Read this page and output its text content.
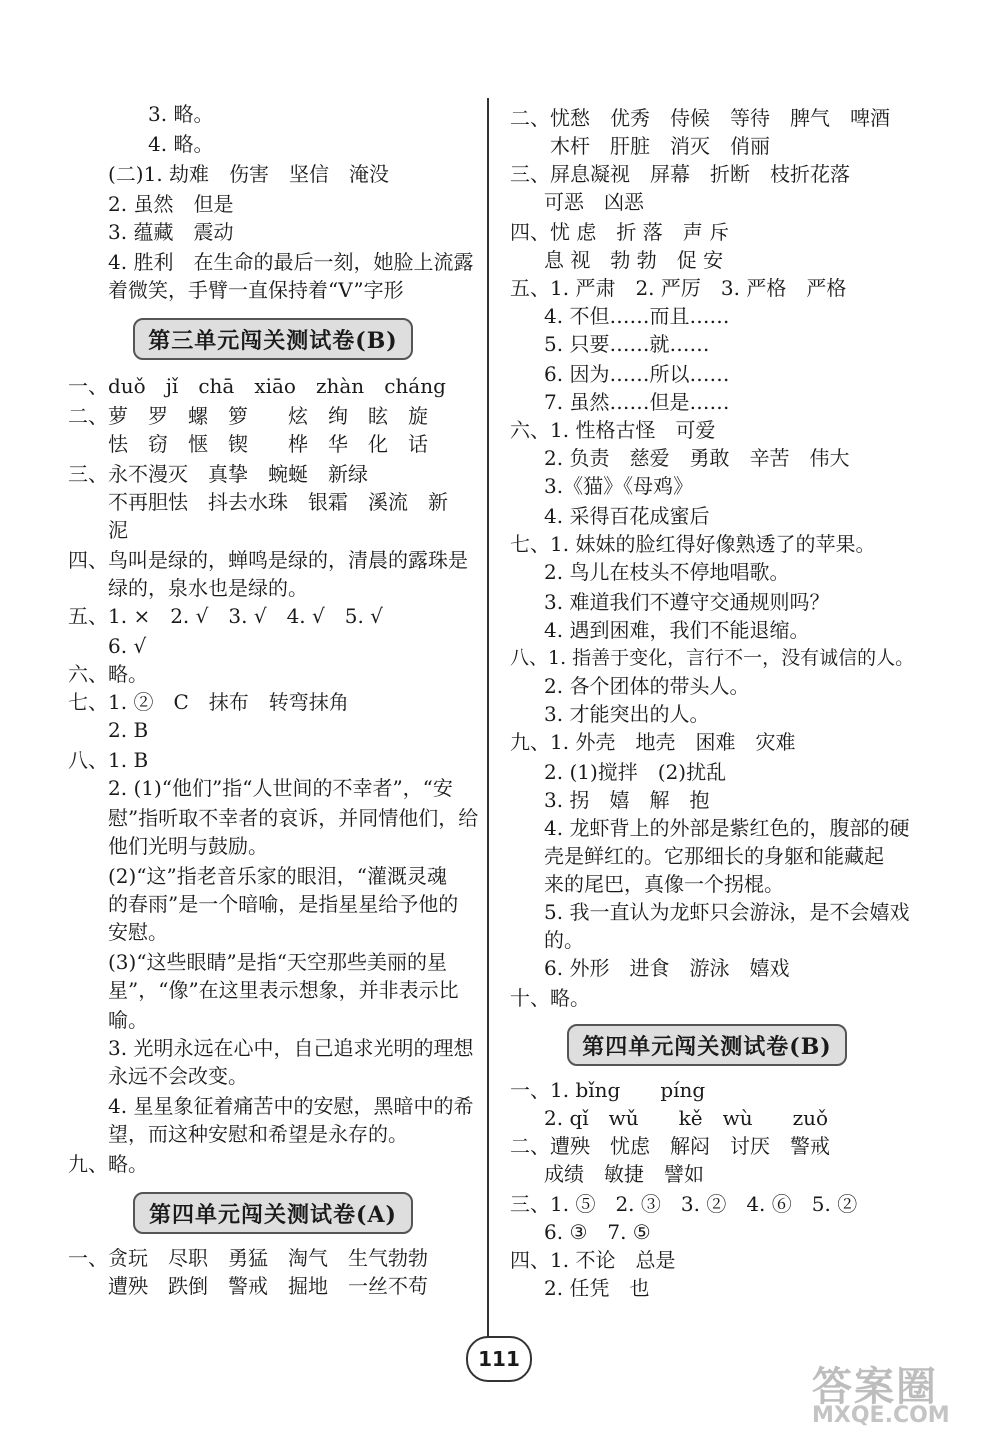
3. 略。
4. 略。
(二)1. 劫难　伤害　坚信　淹没
2. 虽然　但是
3. 蕴藏　震动
4. 胜利　在生命的最后一刻，她脸上流露
着微笑，手臂一直保持着“V”字形
第三单元闯关测试卷(B)
一、duǒ　jǐ　chā　xiāo　zhàn　cháng
二、萝　罗　螺　箩　　炫　绚　眩　旋
怯　窃　惬　锲　　桦　华　化　话
三、永不漫灭　真挚　蜿蜒　新绿
不再胆怯　抖去水珠　银霜　溪流　新
泥
四、鸟叫是绿的，蝉鸣是绿的，清晨的露珠是
绿的，泉水也是绿的。
五、1. ×　2. √　3. √　4. √　5. √
6. √
六、略。
七、1. ②　C　抹布　转弯抹角
2. B
八、1. B
2. (1)“他们”指“人世间的不幸者”，“安
慰”指听取不幸者的哀诉，并同情他们，给
他们光明与鼓励。
(2)“这”指老音乐家的眼泪，“灌溉灵魂
的春雨”是一个暗喻，是指星星给予他的
安慰。
(3)“这些眼睛”是指“天空那些美丽的星
星”，“像”在这里表示想象，并非表示比
喻。
3. 光明永远在心中，自己追求光明的理想
永远不会改变。
4. 星星象征着痛苦中的安慰，黑暗中的希
望，而这种安慰和希望是永存的。
九、略。
第四单元闯关测试卷(A)
一、贪玩　尽职　勇猛　淘气　生气勃勃
遭殃　跌倒　警戒　掘地　一丝不苟
二、忧愁　优秀　侍候　等待　脾气　啤酒
木杆　肝脏　消灭　俏丽
三、屏息凝视　屏幕　折断　枝折花落
可恶　凶恶
四、忧 虑　折 落　声 斥
息 视　勃 勃　促 安
五、1. 严肃　2. 严厉　3. 严格　严格
4. 不但……而且……
5. 只要……就……
6. 因为……所以……
7. 虽然……但是……
六、1. 性格古怪　可爱
2. 负责　慈爱　勇敢　辛苦　伟大
3.《猫》《母鸡》
4. 采得百花成蜜后
七、1. 妹妹的脸红得好像熟透了的苹果。
2. 鸟儿在枝头不停地唱歌。
3. 难道我们不遵守交通规则吗？
4. 遇到困难，我们不能退缩。
八、1. 指善于变化，言行不一，没有诚信的人。
2. 各个团体的带头人。
3. 才能突出的人。
九、1. 外壳　地壳　困难　灾难
2. (1)搅拌　(2)扰乱
3. 拐　嬉　解　抱
4. 龙虾背上的外部是紫红色的，腹部的硬
壳是鲜红的。它那细长的身躯和能藏起
来的尾巴，真像一个拐棍。
5. 我一直认为龙虾只会游泳，是不会嬉戏
的。
6. 外形　进食　游泳　嬉戏
十、略。
第四单元闯关测试卷(B)
一、1. bǐng　　píng
2. qǐ　wǔ　　kě　wù　　zuǒ
二、遭殃　忧虑　解闷　讨厌　警戒
成绩　敏捷　譬如
三、1. ⑤　2. ③　3. ②　4. ⑥　5. ②
6. ③　7. ⑤
四、1. 不论　总是
2. 任凭　也
111
答案圈
MXQE.COM
